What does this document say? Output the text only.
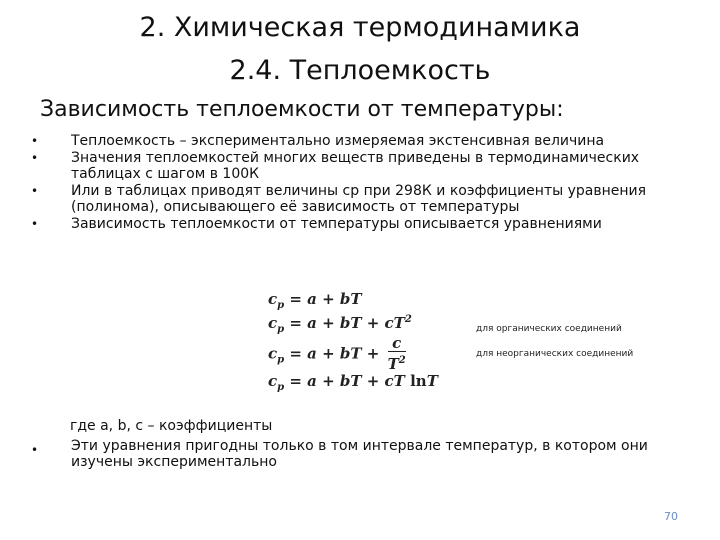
2. Химическая термодинамика
2.4. Теплоемкость
Зависимость теплоемкости от температуры:
•	Теплоемкость – экспериментально измеряемая экстенсивная величина
•	Значения теплоемкостей многих веществ приведены в термодинамических таблицах с шагом в 100К
•	Или в таблицах приводят величины cp при 298К и коэффициенты уравнения (полинома), описывающего её зависимость от температуры
•	Зависимость теплоемкости от температуры описывается уравнениями
$c_p = a$ + bT
$c_p = a$ + bT + $cT^2$
$c_p = a$ + bT + $\frac{c}{T^2}$
$c_p = a$ + bT + cT lnT
для органических соединений
для неорганических соединений
где a, b, c – коэффициенты
•	Эти уравнения пригодны только в том интервале температур, в котором они изучены экспериментально
70
